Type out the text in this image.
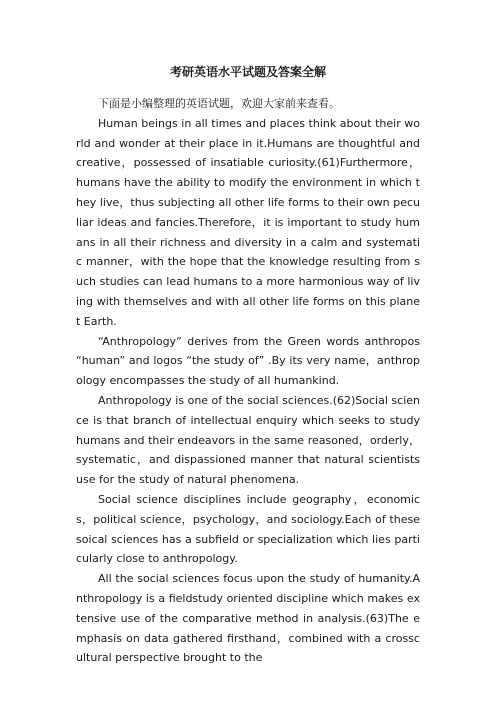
考研英语水平试题及答案全解

下面是小编整理的英语试题，欢迎大家前来查看。

Human beings in all times and places think about their world and wonder at their place in it.Humans are thoughtful and creative，possessed of insatiable curiosity.(61)Furthermore，humans have the ability to modify the environment in which they live，thus subjecting all other life forms to their own peculiar ideas and fancies.Therefore，it is important to study humans in all their richness and diversity in a calm and systematic manner，with the hope that the knowledge resulting from such studies can lead humans to a more harmonious way of living with themselves and with all other life forms on this planet Earth.

“Anthropology” derives from the Green words anthropos “human” and logos “the study of” .By its very name，anthropology encompasses the study of all humankind.

Anthropology is one of the social sciences.(62)Social science is that branch of intellectual enquiry which seeks to study humans and their endeavors in the same reasoned，orderly，systematic，and dispassioned manner that natural scientists use for the study of natural phenomena.

Social science disciplines include geography，economics，political science，psychology，and sociology.Each of thesesoical sciences has a subfield or specialization which lies particularly close to anthropology.

All the social sciences focus upon the study of humanity.Anthropology is a fieldstudy oriented discipline which makes extensive use of the comparative method in analysis.(63)The emphasis on data gathered firsthand，combined with a crosscultural perspective brought to the
